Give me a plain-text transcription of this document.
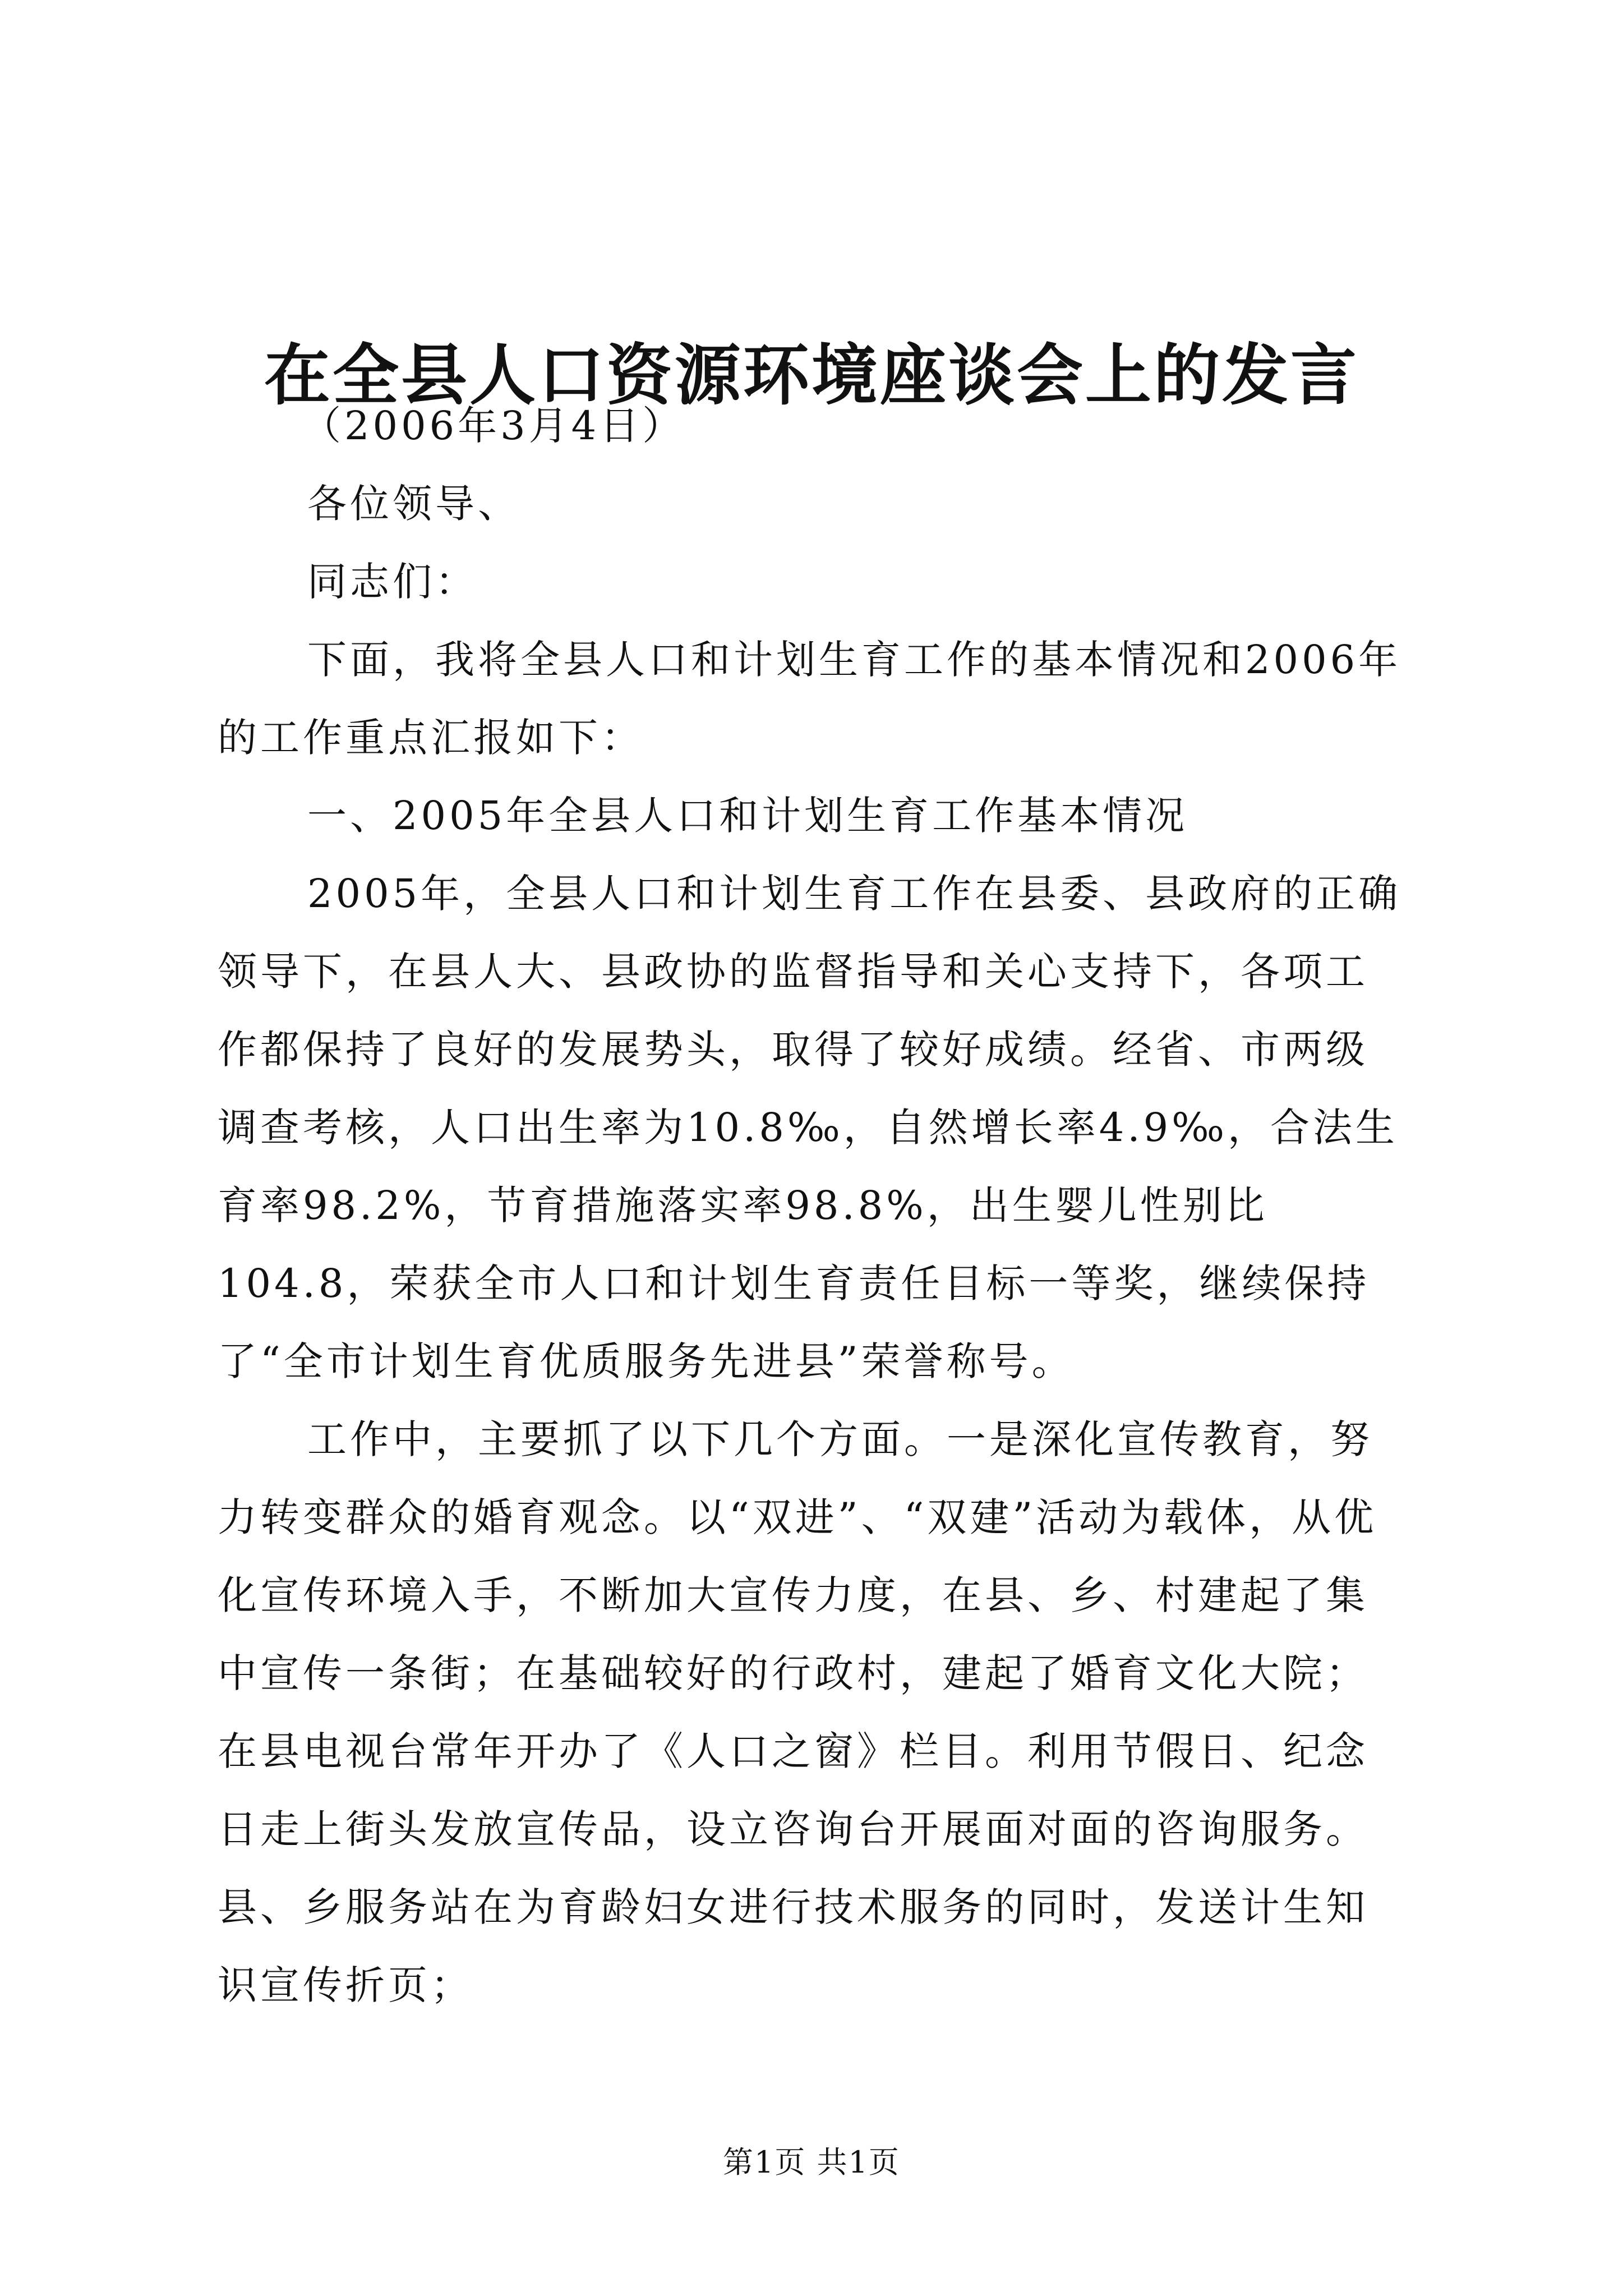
在全县人口资源环境座谈会上的发言

（2006年3月4日）

各位领导、

同志们：

下面，我将全县人口和计划生育工作的基本情况和2006年的工作重点汇报如下：

一、2005年全县人口和计划生育工作基本情况

2005年，全县人口和计划生育工作在县委、县政府的正确领导下，在县人大、县政协的监督指导和关心支持下，各项工作都保持了良好的发展势头，取得了较好成绩。经省、市两级调查考核，人口出生率为10.8‰，自然增长率4.9‰，合法生育率98.2%，节育措施落实率98.8%，出生婴儿性别比104.8，荣获全市人口和计划生育责任目标一等奖，继续保持了“全市计划生育优质服务先进县”荣誉称号。

工作中，主要抓了以下几个方面。一是深化宣传教育，努力转变群众的婚育观念。以“双进”、“双建”活动为载体，从优化宣传环境入手，不断加大宣传力度，在县、乡、村建起了集中宣传一条街；在基础较好的行政村，建起了婚育文化大院；在县电视台常年开办了《人口之窗》栏目。利用节假日、纪念日走上街头发放宣传品，设立咨询台开展面对面的咨询服务。县、乡服务站在为育龄妇女进行技术服务的同时，发送计生知识宣传折页；

第1页 共1页
